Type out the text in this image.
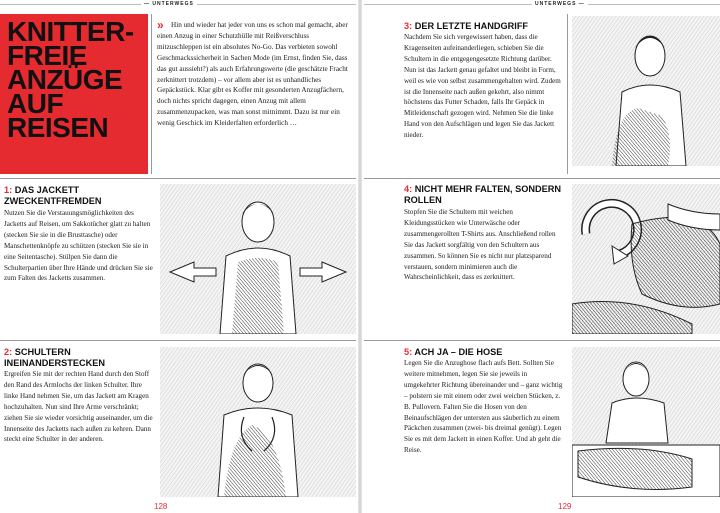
— UNTERWEGS	UNTERWEGS —
KNITTER-
FREIE
ANZÜGE
AUF
REISEN
»	Hin und wieder hat jeder von uns es schon mal gemacht, aber einen Anzug in einer Schutzhülle mit Reißverschluss mitzuschleppen ist ein absolutes No-Go. Das verbieten sowohl Geschmackssicherheit in Sachen Mode (im Ernst, finden Sie, dass das gut aussieht?) als auch Erfahrungswerte (die geschätzte Fracht zerknittert trotzdem) – vor allem aber ist es unhandliches Gepäckstück. Klar gibt es Koffer mit gesonderten Anzugfächern, doch nichts spricht dagegen, einen Anzug mit allem zusammenzupacken, was man sonst mitnimmt. Dazu ist nur ein wenig Geschick im Kleiderfalten erforderlich …
1: DAS JACKETT ZWECKENTFREMDEN
Nutzen Sie die Verstauungsmöglichkeiten des Jacketts auf Reisen, um Sakkotücher glatt zu halten (stecken Sie sie in die Brusttasche) oder Manschettenknöpfe zu schützen (stecken Sie sie in eine Seitentasche). Stülpen Sie dann die Schulterpartien über Ihre Hände und drücken Sie sie zum Falten des Jacketts zusammen.
2: SCHULTERN INEINANDERSTECKEN
Ergreifen Sie mit der rechten Hand durch den Stoff den Rand des Armlochs der linken Schulter. Ihre linke Hand nehmen Sie, um das Jackett am Kragen hochzuhalten. Nun sind Ihre Arme verschränkt; ziehen Sie sie wieder vorsichtig auseinander, um die Innenseite des Jacketts nach außen zu kehren. Dann steckt eine Schulter in der anderen.
128
3: DER LETZTE HANDGRIFF
Nachdem Sie sich vergewissert haben, dass die Kragenseiten aufeinanderliegen, schieben Sie die Schultern in die entgegengesetzte Richtung darüber. Nun ist das Jackett genau gefaltet und bleibt in Form, weil es wie von selbst zusammengehalten wird. Zudem ist die Innenseite nach außen gekehrt, also nimmt höchstens das Futter Schaden, falls Ihr Gepäck in Mitleidenschaft gezogen wird. Nehmen Sie die linke Hand von den Aufschlägen und legen Sie das Jackett nieder.
4: NICHT MEHR FALTEN, SONDERN ROLLEN
Stopfen Sie die Schultern mit weichen Kleidungsstücken wie Unterwäsche oder zusammengerollten T-Shirts aus. Anschließend rollen Sie das Jackett sorgfältig von den Schultern aus zusammen. So können Sie es nicht nur platzsparend verstauen, sondern minimieren auch die Wahrscheinlichkeit, dass es zerknittert.
5: ACH JA – DIE HOSE
Legen Sie die Anzughose flach aufs Bett. Sollten Sie weitere mitnehmen, legen Sie sie jeweils in umgekehrter Richtung übereinander und – ganz wichtig – polstern sie mit einem oder zwei weichen Stücken, z. B. Pullovern. Falten Sie die Hosen von den Beinaufschlägen der untersten aus säuberlich zu einem Päckchen zusammen (zwei- bis dreimal genügt). Legen Sie es mit dem Jackett in einen Koffer. Und ab geht die Reise.
129
